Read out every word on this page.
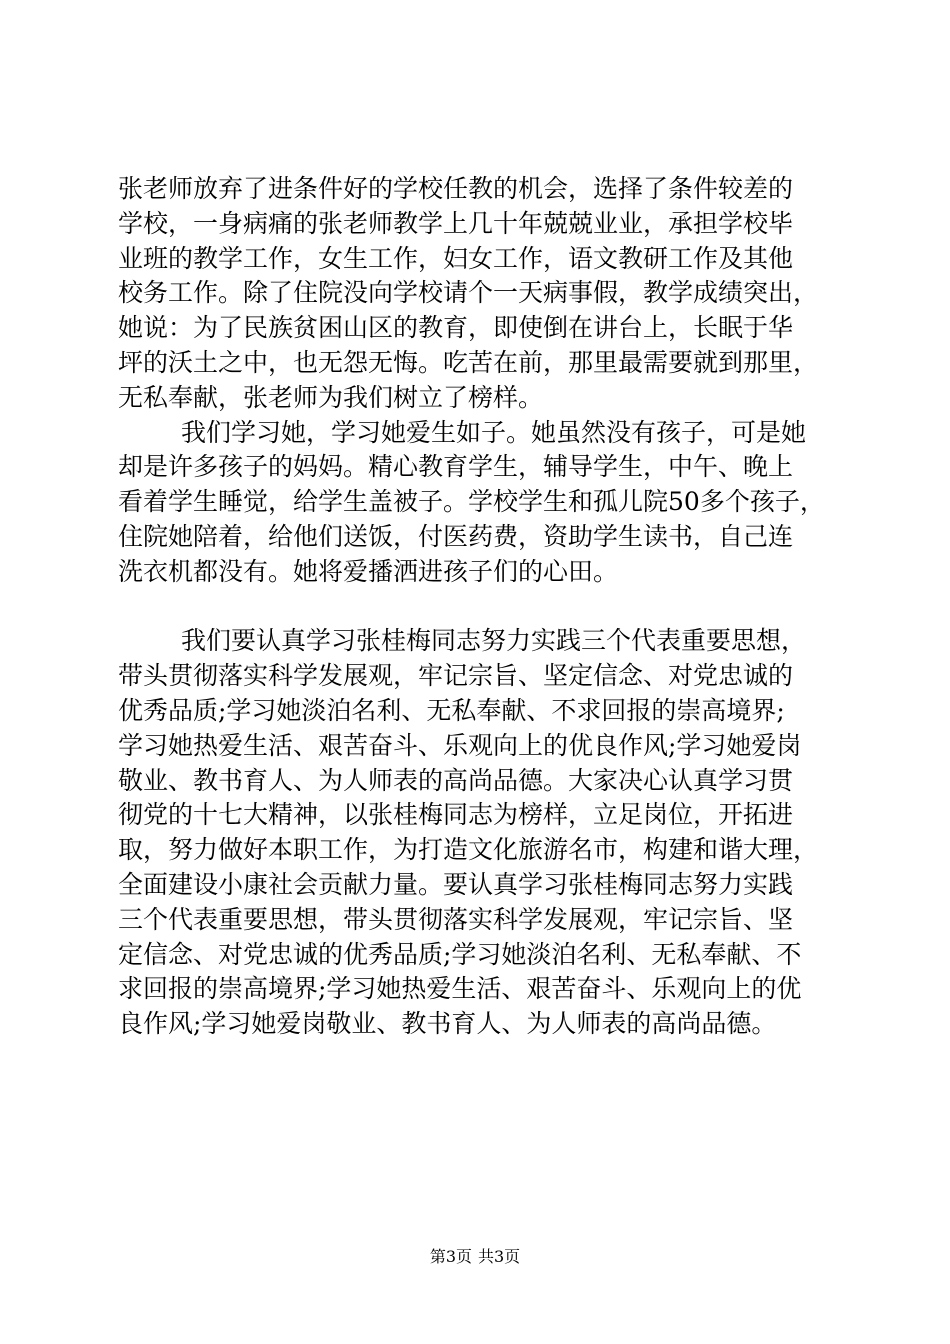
张老师放弃了进条件好的学校任教的机会，选择了条件较差的
学校，一身病痛的张老师教学上几十年兢兢业业，承担学校毕
业班的教学工作，女生工作，妇女工作，语文教研工作及其他
校务工作。除了住院没向学校请个一天病事假，教学成绩突出，
她说：为了民族贫困山区的教育，即使倒在讲台上，长眠于华
坪的沃土之中，也无怨无悔。吃苦在前，那里最需要就到那里，
无私奉献，张老师为我们树立了榜样。
我们学习她，学习她爱生如子。她虽然没有孩子，可是她
却是许多孩子的妈妈。精心教育学生，辅导学生，中午、晚上
看着学生睡觉，给学生盖被子。学校学生和孤儿院50多个孩子，
住院她陪着，给他们送饭，付医药费，资助学生读书，自己连
洗衣机都没有。她将爱播洒进孩子们的心田。
我们要认真学习张桂梅同志努力实践三个代表重要思想，
带头贯彻落实科学发展观，牢记宗旨、坚定信念、对党忠诚的
优秀品质;学习她淡泊名利、无私奉献、不求回报的崇高境界;
学习她热爱生活、艰苦奋斗、乐观向上的优良作风;学习她爱岗
敬业、教书育人、为人师表的高尚品德。大家决心认真学习贯
彻党的十七大精神，以张桂梅同志为榜样，立足岗位，开拓进
取，努力做好本职工作，为打造文化旅游名市，构建和谐大理，
全面建设小康社会贡献力量。要认真学习张桂梅同志努力实践
三个代表重要思想，带头贯彻落实科学发展观，牢记宗旨、坚
定信念、对党忠诚的优秀品质;学习她淡泊名利、无私奉献、不
求回报的崇高境界;学习她热爱生活、艰苦奋斗、乐观向上的优
良作风;学习她爱岗敬业、教书育人、为人师表的高尚品德。
第3页 共3页
